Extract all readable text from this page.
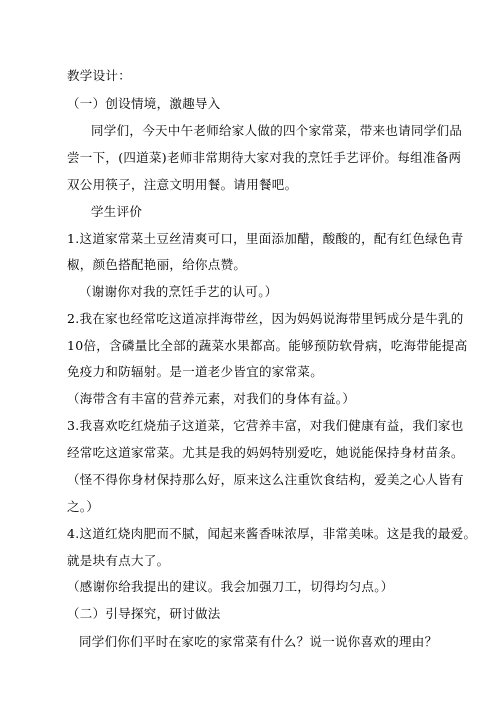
教学设计：
（一）创设情境，激趣导入
同学们，今天中午老师给家人做的四个家常菜，带来也请同学们品
尝一下，(四道菜)老师非常期待大家对我的烹饪手艺评价。每组准备两
双公用筷子，注意文明用餐。请用餐吧。
学生评价
1.这道家常菜土豆丝清爽可口，里面添加醋，酸酸的，配有红色绿色青
椒，颜色搭配艳丽，给你点赞。
（谢谢你对我的烹饪手艺的认可。）
2.我在家也经常吃这道凉拌海带丝，因为妈妈说海带里钙成分是牛乳的
10倍，含磷量比全部的蔬菜水果都高。能够预防软骨病，吃海带能提高
免疫力和防辐射。是一道老少皆宜的家常菜。
（海带含有丰富的营养元素，对我们的身体有益。）
3.我喜欢吃红烧茄子这道菜，它营养丰富，对我们健康有益，我们家也
经常吃这道家常菜。尤其是我的妈妈特别爱吃，她说能保持身材苗条。
（怪不得你身材保持那么好，原来这么注重饮食结构，爱美之心人皆有
之。）
4.这道红烧肉肥而不腻，闻起来酱香味浓厚，非常美味。这是我的最爱。
就是块有点大了。
（感谢你给我提出的建议。我会加强刀工，切得均匀点。）
（二）引导探究，研讨做法
同学们你们平时在家吃的家常菜有什么？说一说你喜欢的理由？
